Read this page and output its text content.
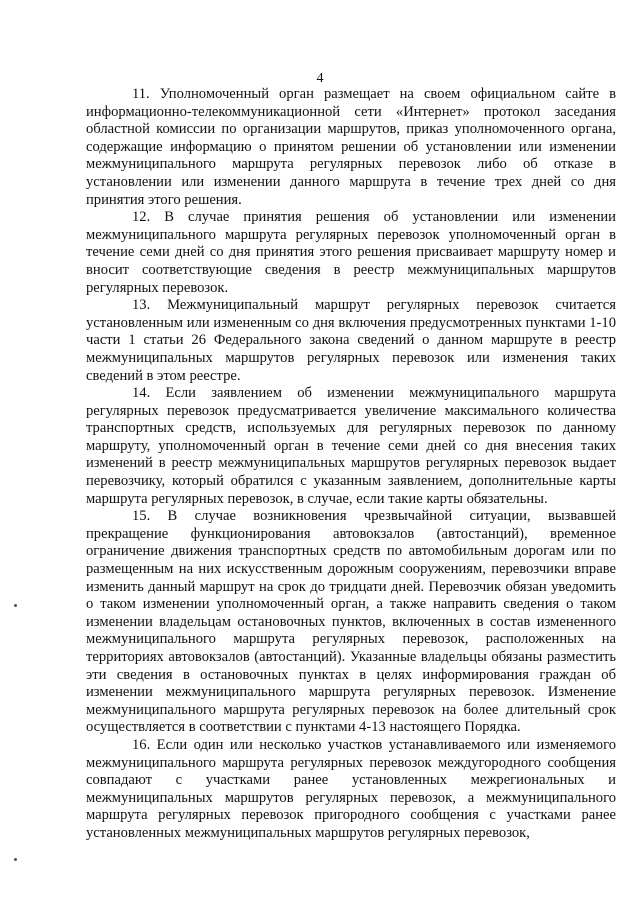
4

11. Уполномоченный орган размещает на своем официальном сайте в информационно-телекоммуникационной сети «Интернет» протокол заседания областной комиссии по организации маршрутов, приказ уполномоченного органа, содержащие информацию о принятом решении об установлении или изменении межмуниципального маршрута регулярных перевозок либо об отказе в установлении или изменении данного маршрута в течение трех дней со дня принятия этого решения.

12. В случае принятия решения об установлении или изменении межмуниципального маршрута регулярных перевозок уполномоченный орган в течение семи дней со дня принятия этого решения присваивает маршруту номер и вносит соответствующие сведения в реестр межмуниципальных маршрутов регулярных перевозок.

13. Межмуниципальный маршрут регулярных перевозок считается установленным или измененным со дня включения предусмотренных пунктами 1-10 части 1 статьи 26 Федерального закона сведений о данном маршруте в реестр межмуниципальных маршрутов регулярных перевозок или изменения таких сведений в этом реестре.

14. Если заявлением об изменении межмуниципального маршрута регулярных перевозок предусматривается увеличение максимального количества транспортных средств, используемых для регулярных перевозок по данному маршруту, уполномоченный орган в течение семи дней со дня внесения таких изменений в реестр межмуниципальных маршрутов регулярных перевозок выдает перевозчику, который обратился с указанным заявлением, дополнительные карты маршрута регулярных перевозок, в случае, если такие карты обязательны.

15. В случае возникновения чрезвычайной ситуации, вызвавшей прекращение функционирования автовокзалов (автостанций), временное ограничение движения транспортных средств по автомобильным дорогам или по размещенным на них искусственным дорожным сооружениям, перевозчики вправе изменить данный маршрут на срок до тридцати дней. Перевозчик обязан уведомить о таком изменении уполномоченный орган, а также направить сведения о таком изменении владельцам остановочных пунктов, включенных в состав измененного межмуниципального маршрута регулярных перевозок, расположенных на территориях автовокзалов (автостанций). Указанные владельцы обязаны разместить эти сведения в остановочных пунктах в целях информирования граждан об изменении межмуниципального маршрута регулярных перевозок. Изменение межмуниципального маршрута регулярных перевозок на более длительный срок осуществляется в соответствии с пунктами 4-13 настоящего Порядка.

16. Если один или несколько участков устанавливаемого или изменяемого межмуниципального маршрута регулярных перевозок междугородного сообщения совпадают с участками ранее установленных межрегиональных и межмуниципальных маршрутов регулярных перевозок, а межмуниципального маршрута регулярных перевозок пригородного сообщения с участками ранее установленных межмуниципальных маршрутов регулярных перевозок,
